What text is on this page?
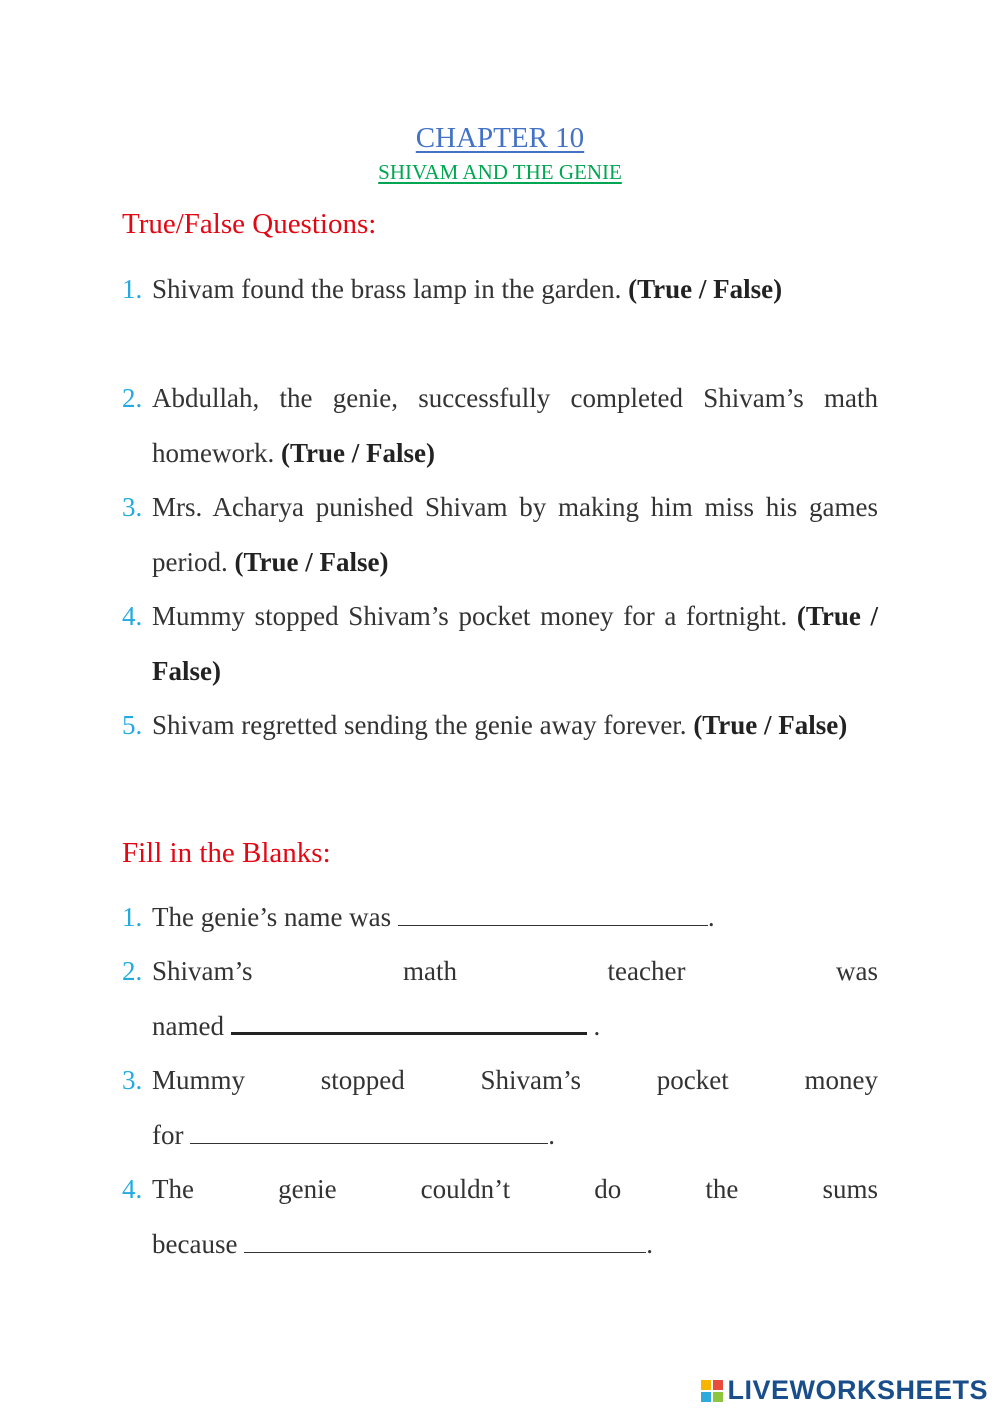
CHAPTER 10
SHIVAM AND THE GENIE
True/False Questions:
1. Shivam found the brass lamp in the garden. (True / False)
2. Abdullah, the genie, successfully completed Shivam’s math homework. (True / False)
3. Mrs. Acharya punished Shivam by making him miss his games period. (True / False)
4. Mummy stopped Shivam’s pocket money for a fortnight. (True / False)
5. Shivam regretted sending the genie away forever. (True / False)
Fill in the Blanks:
1. The genie’s name was	.
2. Shivam’s math teacher was
named	.
3. Mummy stopped Shivam’s pocket money
for	.
4. The genie couldn’t do the sums
because	.
LIVEWORKSHEETS
